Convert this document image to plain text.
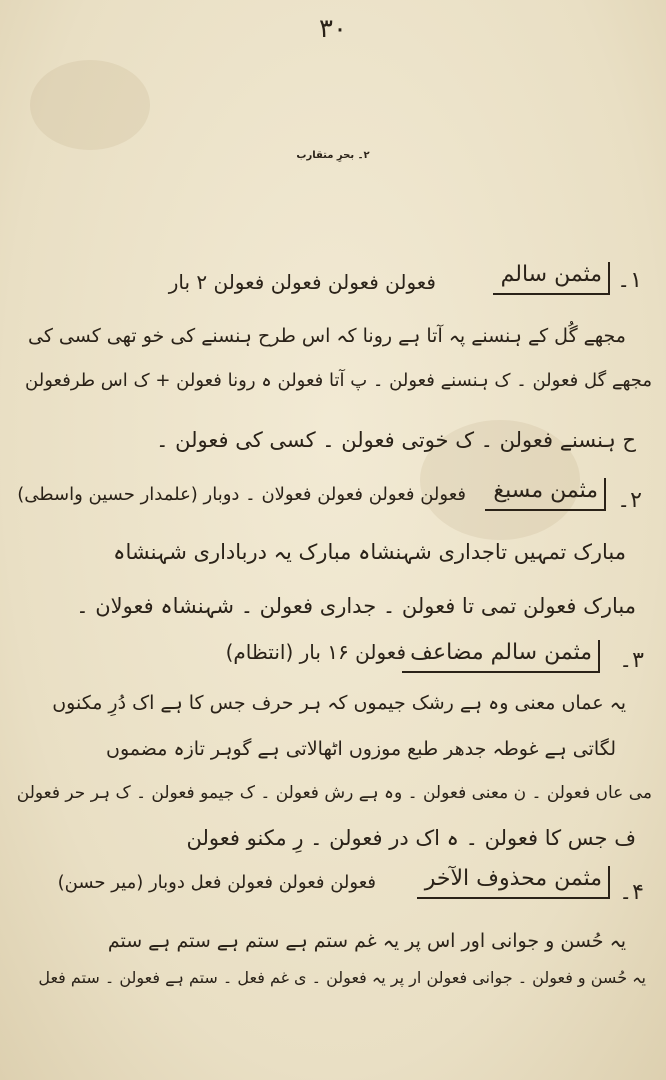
۳۰
۲۔ بحرِ متقارب
۱۔
مثمن سالم
فعولن فعولن فعولن فعولن ۲ بار
مجھے گُل کے ہنسنے پہ آتا ہے رونا کہ اس طرح ہنسنے کی خو تھی کسی کی
مجھے گل فعولن ۔ ک ہنسنے فعولن ۔ پ آتا فعولن ہ رونا فعولن + ک اس طرفعولن
ح ہنسنے فعولن ۔ ک خوتی فعولن ۔ کسی کی فعولن ۔
۲۔
مثمن مسبغ
فعولن فعولن فعولن فعولان ۔ دوبار (علمدار حسین واسطی)
مبارک تمہیں تاجداری شہنشاہ مبارک یہ درباداری شہنشاہ
مبارک فعولن تمی تا فعولن ۔ جداری فعولن ۔ شہنشاہ فعولان ۔
۳۔
مثمن سالم مضاعف
فعولن ۱۶ بار (انتظام)
یہ عماں معنی وہ ہے رشک جیموں کہ ہر حرف جس کا ہے اک دُرِ مکنوں
لگاتی ہے غوطہ جدھر طبع موزوں اٹھالاتی ہے گوہر تازہ مضموں
می عاں فعولن ۔ ن معنی فعولن ۔ وہ ہے رش فعولن ۔ ک جیمو فعولن ۔ ک ہر حر فعولن
ف جس کا فعولن ۔ ہ اک در فعولن ۔ رِ مکنو فعولن
۴۔
مثمن محذوف الآخر
فعولن فعولن فعولن فعل دوبار (میر حسن)
یہ حُسن و جوانی اور اس پر یہ غم ستم ہے ستم ہے ستم ہے ستم
یہ حُسن و فعولن ۔ جوانی فعولن ار پر یہ فعولن ۔ ی غم فعل ۔ ستم ہے فعولن ۔ ستم فعل
